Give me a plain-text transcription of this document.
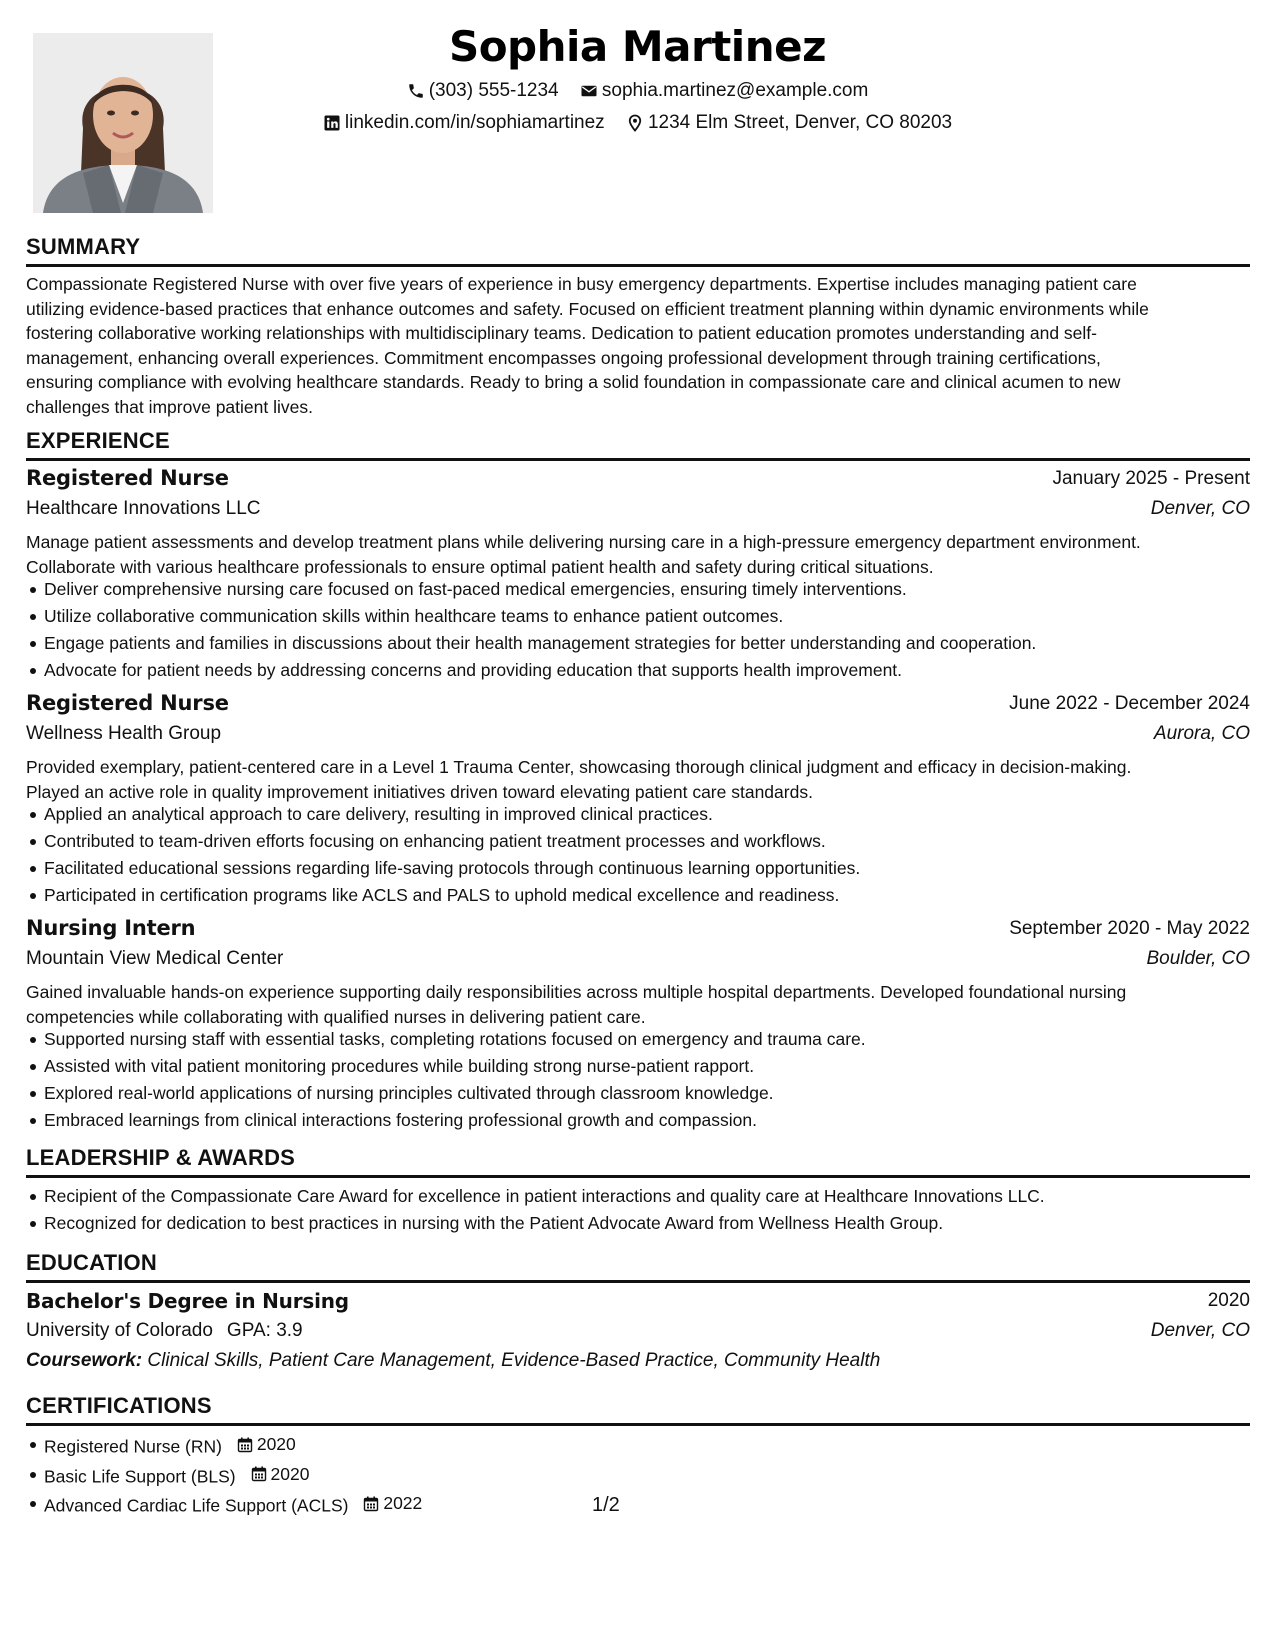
Sophia Martinez
(303) 555-1234
sophia.martinez@example.com
linkedin.com/in/sophiamartinez
1234 Elm Street, Denver, CO 80203
SUMMARY
Compassionate Registered Nurse with over five years of experience in busy emergency departments. Expertise includes managing patient care
utilizing evidence-based practices that enhance outcomes and safety. Focused on efficient treatment planning within dynamic environments while
fostering collaborative working relationships with multidisciplinary teams. Dedication to patient education promotes understanding and self-
management, enhancing overall experiences. Commitment encompasses ongoing professional development through training certifications,
ensuring compliance with evolving healthcare standards. Ready to bring a solid foundation in compassionate care and clinical acumen to new
challenges that improve patient lives.
EXPERIENCE
Registered Nurse	January 2025 - Present
Healthcare Innovations LLC	Denver, CO
Manage patient assessments and develop treatment plans while delivering nursing care in a high-pressure emergency department environment.
Collaborate with various healthcare professionals to ensure optimal patient health and safety during critical situations.
Deliver comprehensive nursing care focused on fast-paced medical emergencies, ensuring timely interventions.
Utilize collaborative communication skills within healthcare teams to enhance patient outcomes.
Engage patients and families in discussions about their health management strategies for better understanding and cooperation.
Advocate for patient needs by addressing concerns and providing education that supports health improvement.
Registered Nurse	June 2022 - December 2024
Wellness Health Group	Aurora, CO
Provided exemplary, patient-centered care in a Level 1 Trauma Center, showcasing thorough clinical judgment and efficacy in decision-making.
Played an active role in quality improvement initiatives driven toward elevating patient care standards.
Applied an analytical approach to care delivery, resulting in improved clinical practices.
Contributed to team-driven efforts focusing on enhancing patient treatment processes and workflows.
Facilitated educational sessions regarding life-saving protocols through continuous learning opportunities.
Participated in certification programs like ACLS and PALS to uphold medical excellence and readiness.
Nursing Intern	September 2020 - May 2022
Mountain View Medical Center	Boulder, CO
Gained invaluable hands-on experience supporting daily responsibilities across multiple hospital departments. Developed foundational nursing
competencies while collaborating with qualified nurses in delivering patient care.
Supported nursing staff with essential tasks, completing rotations focused on emergency and trauma care.
Assisted with vital patient monitoring procedures while building strong nurse-patient rapport.
Explored real-world applications of nursing principles cultivated through classroom knowledge.
Embraced learnings from clinical interactions fostering professional growth and compassion.
LEADERSHIP & AWARDS
Recipient of the Compassionate Care Award for excellence in patient interactions and quality care at Healthcare Innovations LLC.
Recognized for dedication to best practices in nursing with the Patient Advocate Award from Wellness Health Group.
EDUCATION
Bachelor's Degree in Nursing	2020
University of Colorado GPA: 3.9	Denver, CO
Coursework: Clinical Skills, Patient Care Management, Evidence-Based Practice, Community Health
CERTIFICATIONS
Registered Nurse (RN) 2020
Basic Life Support (BLS) 2020
Advanced Cardiac Life Support (ACLS) 2022	1/2
